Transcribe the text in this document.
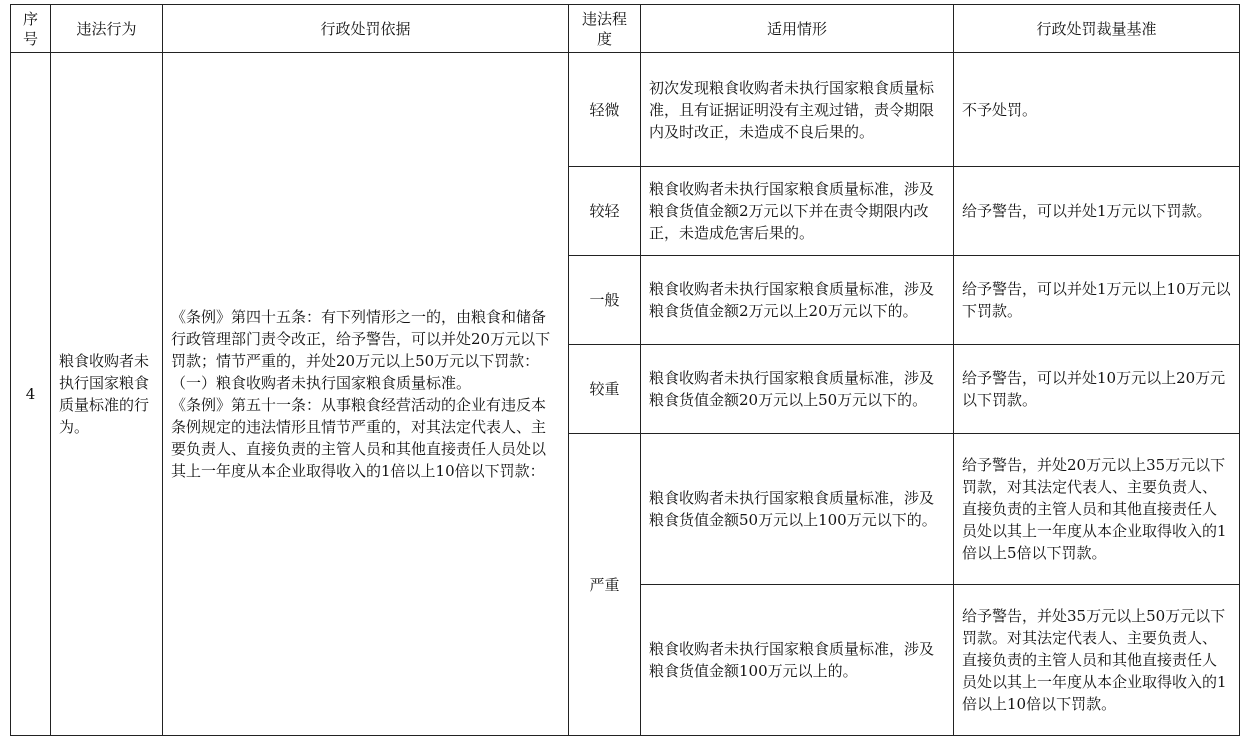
序号	违法行为	行政处罚依据	违法程度	适用情形	行政处罚裁量基准
4	粮食收购者未执行国家粮食质量标准的行为。	《条例》第四十五条：有下列情形之一的，由粮食和储备行政管理部门责令改正，给予警告，可以并处20万元以下罚款；情节严重的，并处20万元以上50万元以下罚款：
（一）粮食收购者未执行国家粮食质量标准。
《条例》第五十一条：从事粮食经营活动的企业有违反本条例规定的违法情形且情节严重的，对其法定代表人、主要负责人、直接负责的主管人员和其他直接责任人员处以其上一年度从本企业取得收入的1倍以上10倍以下罚款：	轻微	初次发现粮食收购者未执行国家粮食质量标准，且有证据证明没有主观过错，责令期限内及时改正，未造成不良后果的。	不予处罚。
			较轻	粮食收购者未执行国家粮食质量标准，涉及粮食货值金额2万元以下并在责令期限内改正，未造成危害后果的。	给予警告，可以并处1万元以下罚款。
			一般	粮食收购者未执行国家粮食质量标准，涉及粮食货值金额2万元以上20万元以下的。	给予警告，可以并处1万元以上10万元以下罚款。
			较重	粮食收购者未执行国家粮食质量标准，涉及粮食货值金额20万元以上50万元以下的。	给予警告，可以并处10万元以上20万元以下罚款。
			严重	粮食收购者未执行国家粮食质量标准，涉及粮食货值金额50万元以上100万元以下的。	给予警告，并处20万元以上35万元以下罚款，对其法定代表人、主要负责人、直接负责的主管人员和其他直接责任人员处以其上一年度从本企业取得收入的1倍以上5倍以下罚款。
				粮食收购者未执行国家粮食质量标准，涉及粮食货值金额100万元以上的。	给予警告，并处35万元以上50万元以下罚款。对其法定代表人、主要负责人、直接负责的主管人员和其他直接责任人员处以其上一年度从本企业取得收入的1倍以上10倍以下罚款。
